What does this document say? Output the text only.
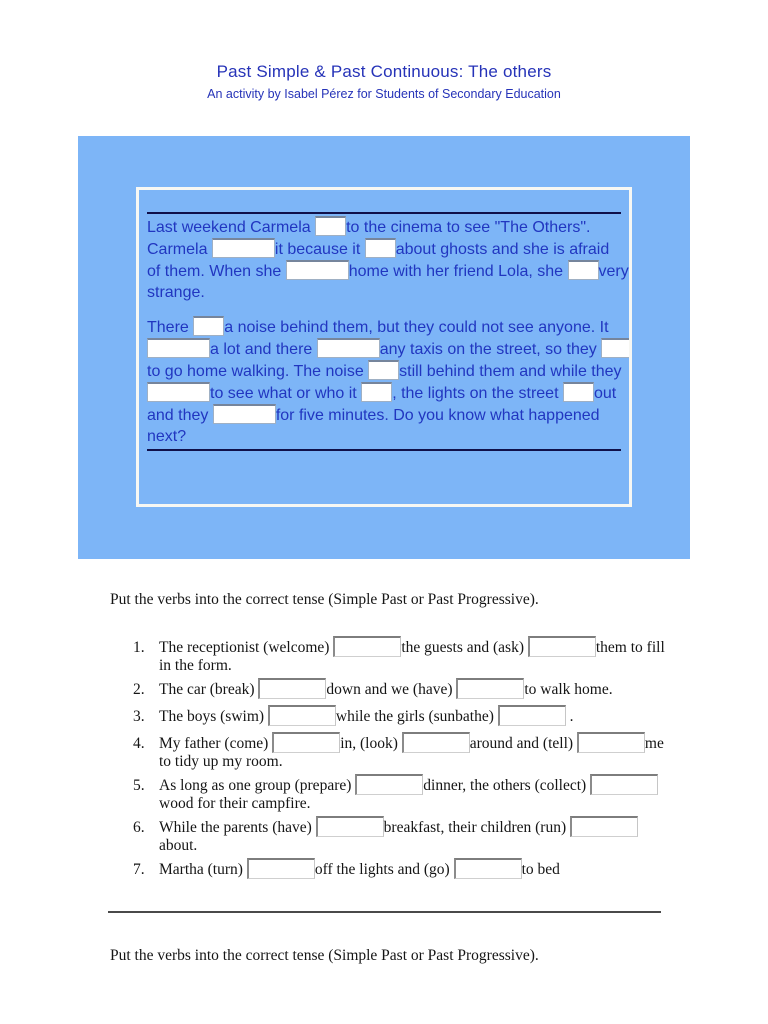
Past Simple & Past Continuous: The others
An activity by Isabel Pérez for Students of Secondary Education
Last weekend Carmela to the cinema to see "The Others".
Carmela	it because it about ghosts and she is afraid
of them. When she	home with her friend Lola, she very
strange.
There a noise behind them, but they could not see anyone. It
a lot and there	any taxis on the street, so they
to go home walking. The noise still behind them and while they
to see what or who it , the lights on the street out
and they	for five minutes. Do you know what happened
next?
Put the verbs into the correct tense (Simple Past or Past Progressive).
1. The receptionist (welcome)	the guests and (ask)	them to fill
in the form.
2. The car (break)	down and we (have)	to walk home.
3. The boys (swim)	while the girls (sunbathe)	.
4. My father (come)	in, (look)	around and (tell)	me
to tidy up my room.
5. As long as one group (prepare)	dinner, the others (collect)
wood for their campfire.
6. While the parents (have)	breakfast, their children (run)
about.
7. Martha (turn)	off the lights and (go)	to bed
Put the verbs into the correct tense (Simple Past or Past Progressive).
